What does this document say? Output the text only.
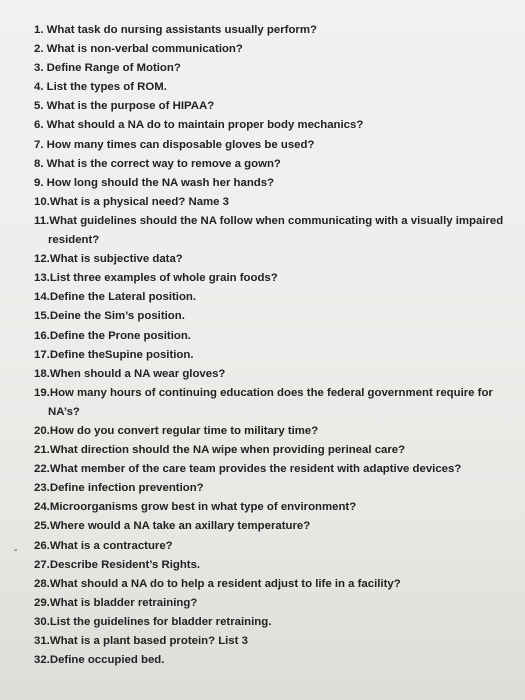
1. What task do nursing assistants usually perform?
2. What is non-verbal communication?
3. Define Range of Motion?
4. List the types of ROM.
5. What is the purpose of HIPAA?
6. What should a NA do to maintain proper body mechanics?
7. How many times can disposable gloves be used?
8. What is the correct way to remove a gown?
9. How long should the NA wash her hands?
10.What is a physical need? Name 3
11.What guidelines should the NA follow when communicating with a visually impaired
resident?
12.What is subjective data?
13.List three examples of whole grain foods?
14.Define the Lateral position.
15.Deine the Sim’s position.
16.Define the Prone position.
17.Define theSupine position.
18.When should a NA wear gloves?
19.How many hours of continuing education does the federal government require for
NA’s?
20.How do you convert regular time to military time?
21.What direction should the NA wipe when providing perineal care?
22.What member of the care team provides the resident with adaptive devices?
23.Define infection prevention?
24.Microorganisms grow best in what type of environment?
25.Where would a NA take an axillary temperature?
26.What is a contracture?
27.Describe Resident’s Rights.
28.What should a NA do to help a resident adjust to life in a facility?
29.What is bladder retraining?
30.List the guidelines for bladder retraining.
31.What is a plant based protein? List 3
32.Define occupied bed.
-
